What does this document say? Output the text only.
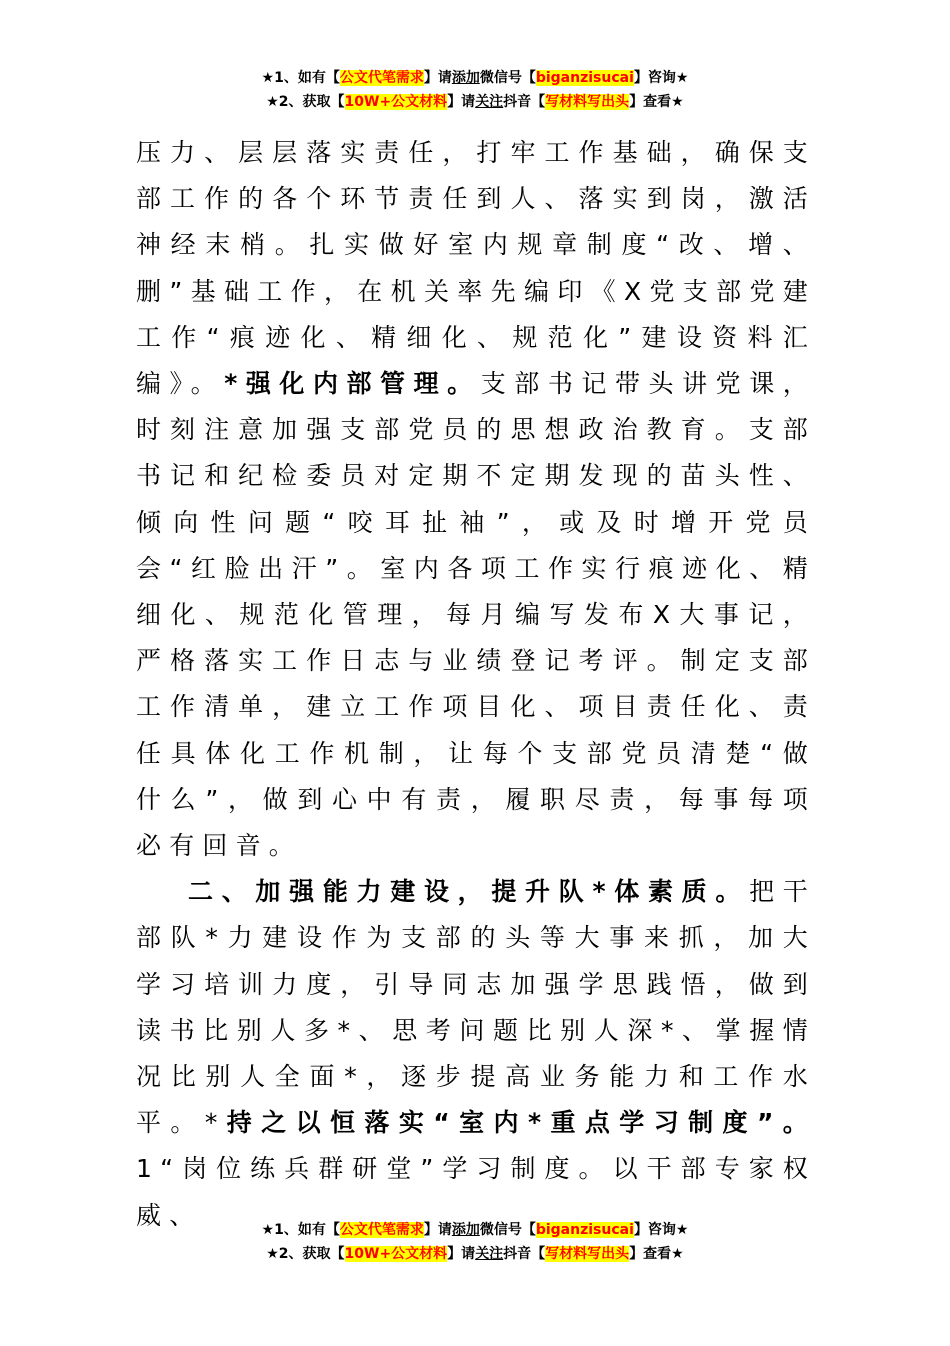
★1、如有【公文代笔需求】请添加微信号【biganzisucai】咨询★
★2、获取【10W+公文材料】请关注抖音【写材料写出头】查看★

压力、层层落实责任，打牢工作基础，确保支部工作的各个环节责任到人、落实到岗，激活神经末梢。扎实做好室内规章制度“改、增、删”基础工作，在机关率先编印《X党支部党建工作“痕迹化、精细化、规范化”建设资料汇编》。*强化内部管理。支部书记带头讲党课，时刻注意加强支部党员的思想政治教育。支部书记和纪检委员对定期不定期发现的苗头性、倾向性问题“咬耳扯袖”，或及时增开党员会“红脸出汗”。室内各项工作实行痕迹化、精细化、规范化管理，每月编写发布X大事记，严格落实工作日志与业绩登记考评。制定支部工作清单，建立工作项目化、项目责任化、责任具体化工作机制，让每个支部党员清楚“做什么”，做到心中有责，履职尽责，每事每项必有回音。

二、加强能力建设，提升队*体素质。把干部队*力建设作为支部的头等大事来抓，加大学习培训力度，引导同志加强学思践悟，做到读书比别人多*、思考问题比别人深*、掌握情况比别人全面*，逐步提高业务能力和工作水平。*持之以恒落实“室内*重点学习制度”。1“岗位练兵群研堂”学习制度。以干部专家权威、

★1、如有【公文代笔需求】请添加微信号【biganzisucai】咨询★
★2、获取【10W+公文材料】请关注抖音【写材料写出头】查看★
